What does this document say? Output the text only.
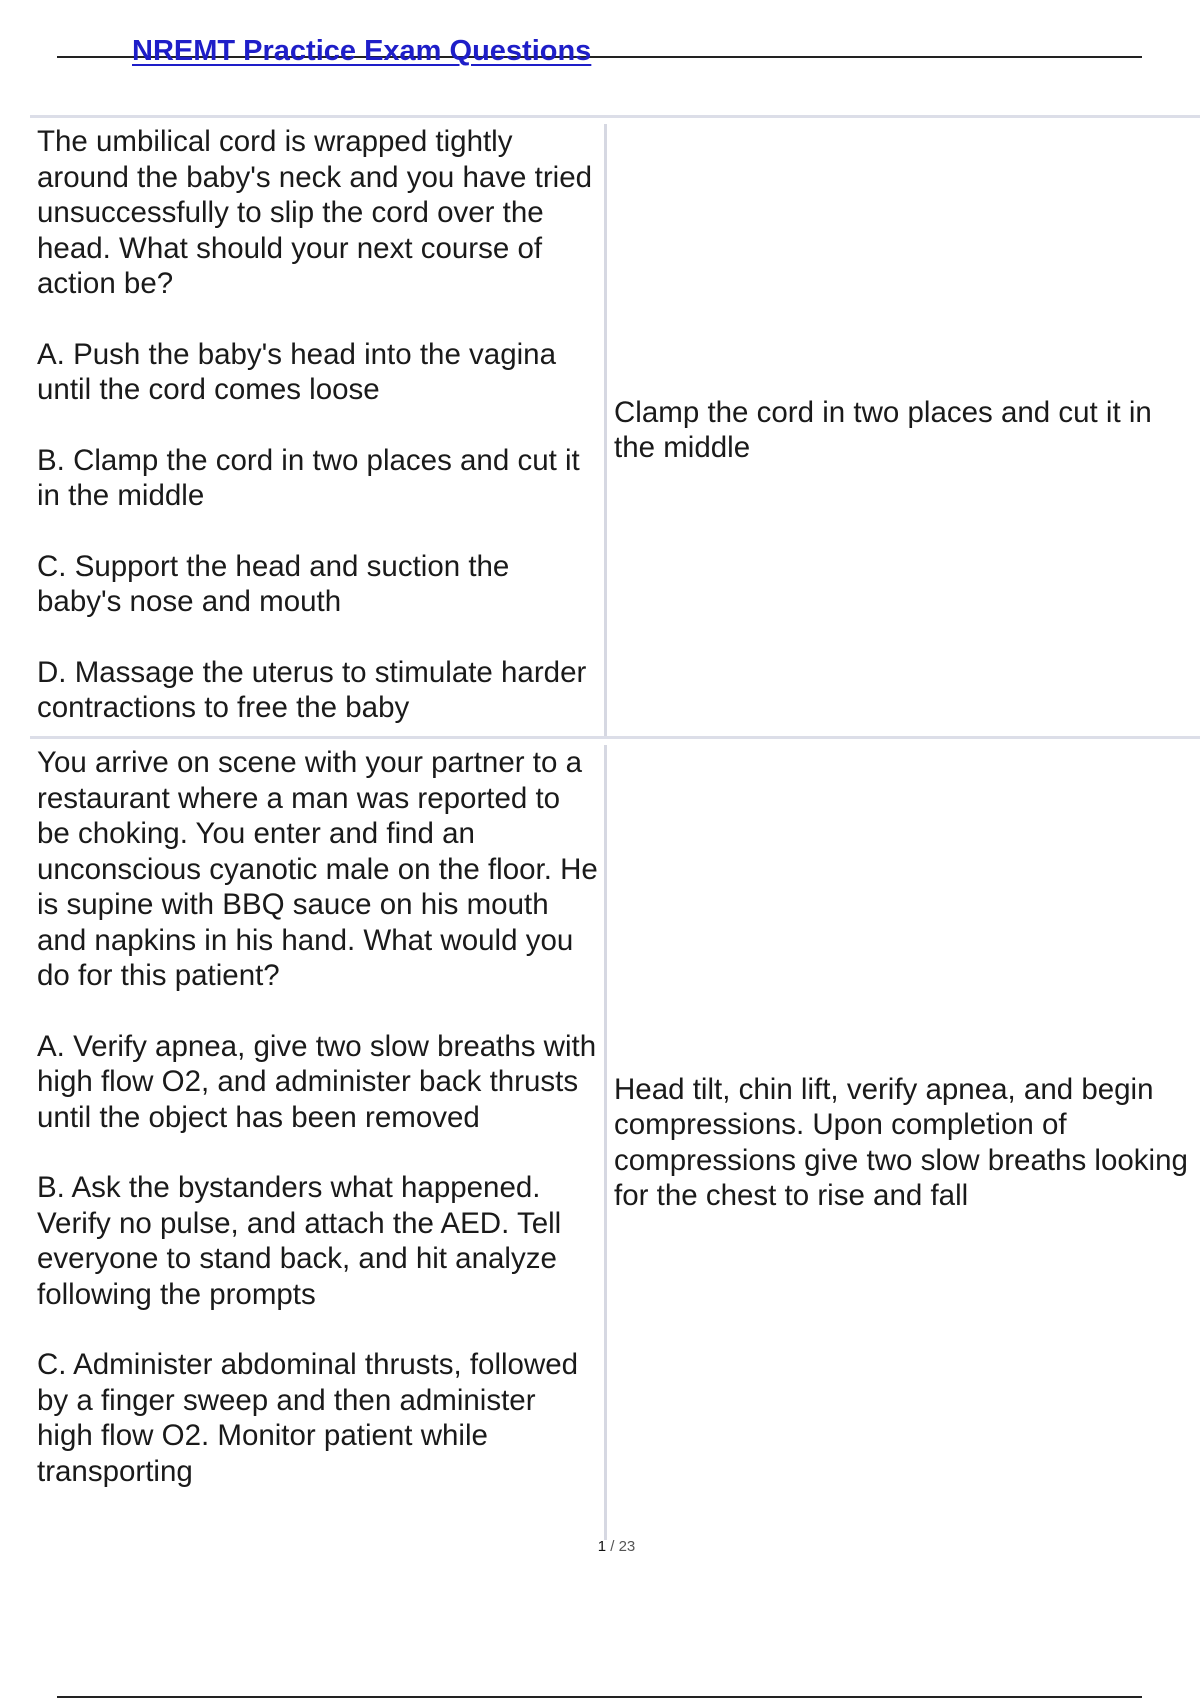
NREMT Practice Exam Questions

The umbilical cord is wrapped tightly around the baby's neck and you have tried unsuccessfully to slip the cord over the head. What should your next course of action be?

A. Push the baby's head into the vagina until the cord comes loose

B. Clamp the cord in two places and cut it in the middle

C. Support the head and suction the baby's nose and mouth

D. Massage the uterus to stimulate harder contractions to free the baby

Clamp the cord in two places and cut it in the middle

You arrive on scene with your partner to a restaurant where a man was reported to be choking. You enter and find an unconscious cyanotic male on the floor. He is supine with BBQ sauce on his mouth and napkins in his hand. What would you do for this patient?

A. Verify apnea, give two slow breaths with high flow O2, and administer back thrusts until the object has been removed

B. Ask the bystanders what happened. Verify no pulse, and attach the AED. Tell everyone to stand back, and hit analyze following the prompts

C. Administer abdominal thrusts, followed by a finger sweep and then administer high flow O2. Monitor patient while transporting

Head tilt, chin lift, verify apnea, and begin compressions. Upon completion of compressions give two slow breaths looking for the chest to rise and fall
1 / 23
